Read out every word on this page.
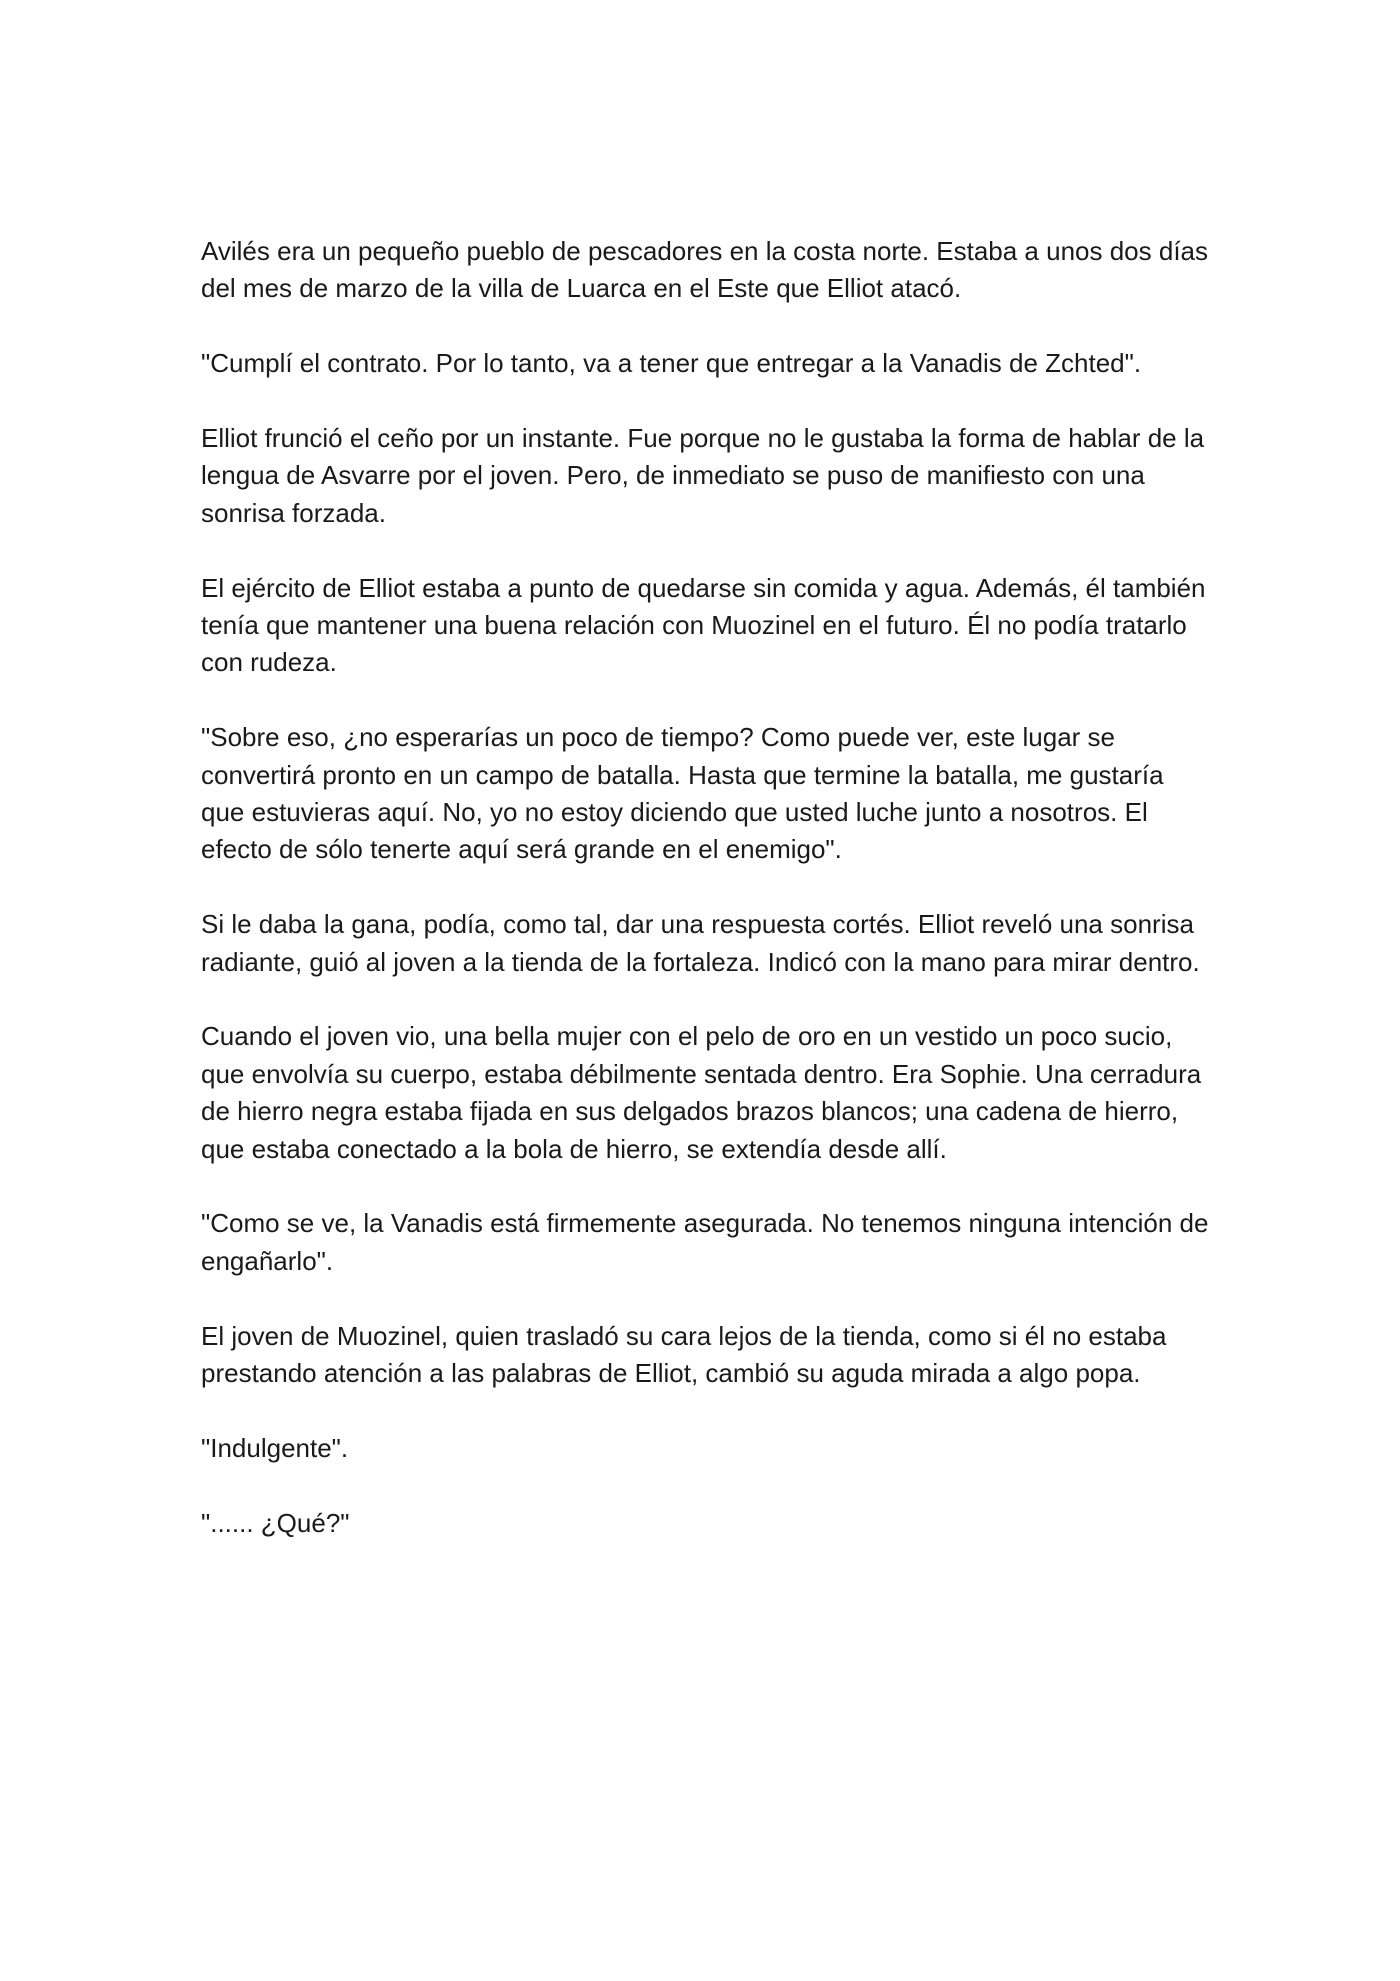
Avilés era un pequeño pueblo de pescadores en la costa norte. Estaba a unos dos días del mes de marzo de la villa de Luarca en el Este que Elliot atacó.

"Cumplí el contrato. Por lo tanto, va a tener que entregar a la Vanadis de Zchted".

Elliot frunció el ceño por un instante. Fue porque no le gustaba la forma de hablar de la lengua de Asvarre por el joven. Pero, de inmediato se puso de manifiesto con una sonrisa forzada.

El ejército de Elliot estaba a punto de quedarse sin comida y agua. Además, él también tenía que mantener una buena relación con Muozinel en el futuro. Él no podía tratarlo con rudeza.

"Sobre eso, ¿no esperarías un poco de tiempo? Como puede ver, este lugar se convertirá pronto en un campo de batalla. Hasta que termine la batalla, me gustaría que estuvieras aquí. No, yo no estoy diciendo que usted luche junto a nosotros. El efecto de sólo tenerte aquí será grande en el enemigo".

Si le daba la gana, podía, como tal, dar una respuesta cortés. Elliot reveló una sonrisa radiante, guió al joven a la tienda de la fortaleza. Indicó con la mano para mirar dentro.

Cuando el joven vio, una bella mujer con el pelo de oro en un vestido un poco sucio, que envolvía su cuerpo, estaba débilmente sentada dentro. Era Sophie. Una cerradura de hierro negra estaba fijada en sus delgados brazos blancos; una cadena de hierro, que estaba conectado a la bola de hierro, se extendía desde allí.

"Como se ve, la Vanadis está firmemente asegurada. No tenemos ninguna intención de engañarlo".

El joven de Muozinel, quien trasladó su cara lejos de la tienda, como si él no estaba prestando atención a las palabras de Elliot, cambió su aguda mirada a algo popa.

"Indulgente".

"...... ¿Qué?"
